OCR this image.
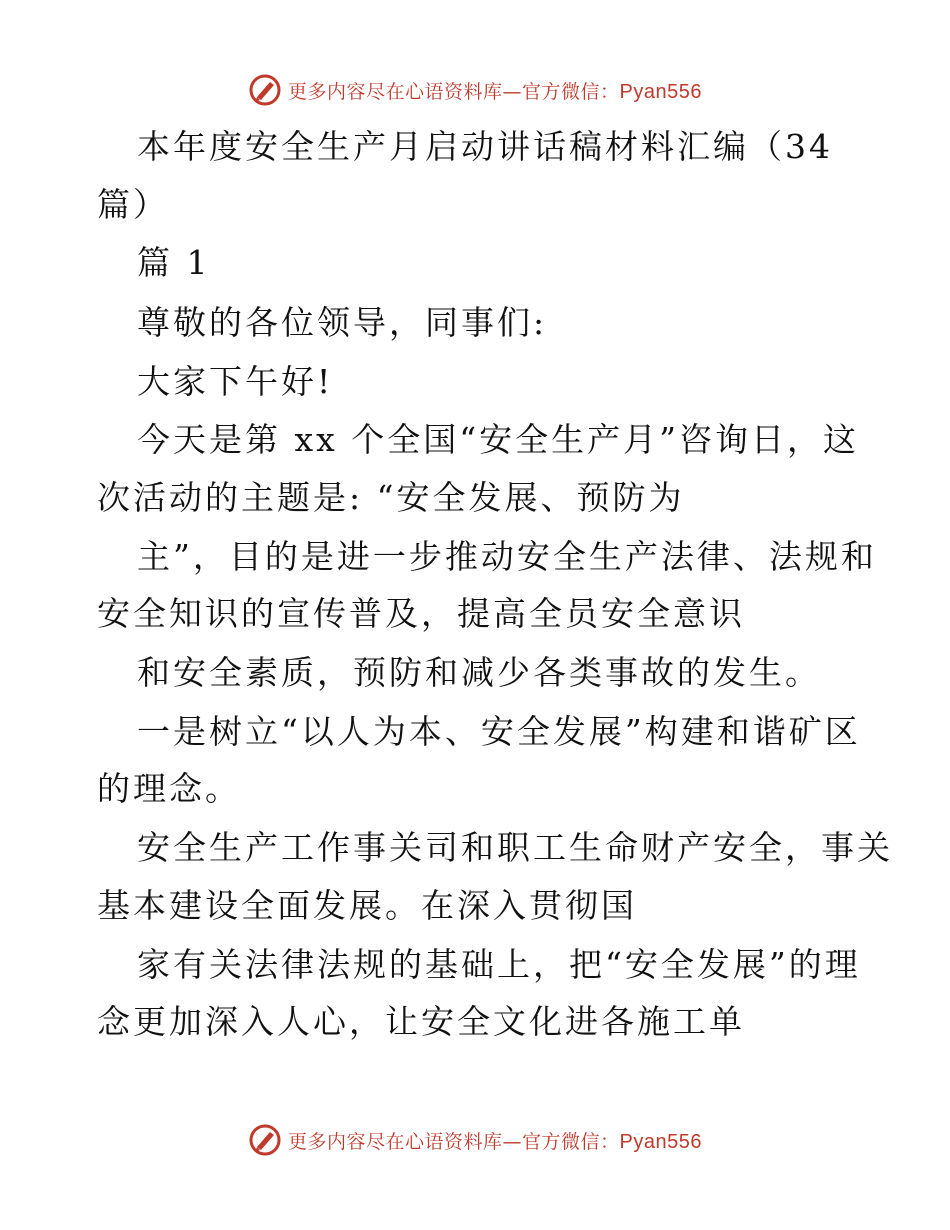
更多内容尽在心语资料库—官方微信：Pyan556
本年度安全生产月启动讲话稿材料汇编（34
篇）
篇 1
尊敬的各位领导，同事们:
大家下午好!
今天是第 xx 个全国“安全生产月”咨询日，这
次活动的主题是: “安全发展、预防为
主”，目的是进一步推动安全生产法律、法规和
安全知识的宣传普及，提高全员安全意识
和安全素质，预防和减少各类事故的发生。
一是树立“以人为本、安全发展”构建和谐矿区
的理念。
安全生产工作事关司和职工生命财产安全，事关
基本建设全面发展。在深入贯彻国
家有关法律法规的基础上，把“安全发展”的理
念更加深入人心，让安全文化进各施工单
更多内容尽在心语资料库—官方微信：Pyan556
